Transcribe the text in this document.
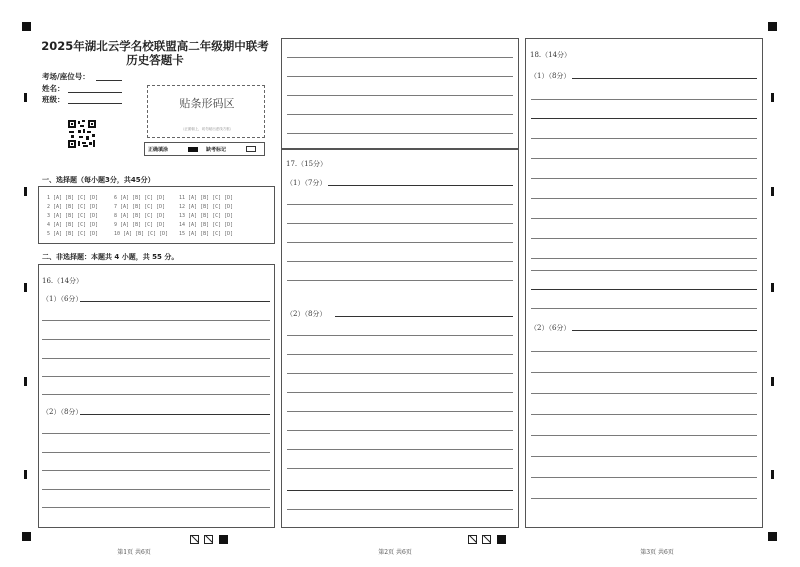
2025年湖北云学名校联盟高二年级期中联考
历史答题卡
考场/座位号：
姓名：
班级：	贴条形码区
（正面朝上，切勿贴出虚线方框）
正确填涂	缺考标记
一、选择题（每小题3分，共45分）
1 [A] [B] [C] [D]	6 [A] [B] [C] [D]	11 [A] [B] [C] [D]
2 [A] [B] [C] [D]	7 [A] [B] [C] [D]	12 [A] [B] [C] [D]
3 [A] [B] [C] [D]	8 [A] [B] [C] [D]	13 [A] [B] [C] [D]
4 [A] [B] [C] [D]	9 [A] [B] [C] [D]	14 [A] [B] [C] [D]
5 [A] [B] [C] [D]	10 [A] [B] [C] [D] 15 [A] [B] [C] [D]
二、非选择题：本题共 4 小题，共 55 分。
16.（14分）
（1）（6分）
（2）（8分）
17.（15分）
（1）（7分）
（2）（8分）
18.（14分）
（1）（8分）
（2）（6分）
第1页 共6页	第2页 共6页	第3页 共6页
